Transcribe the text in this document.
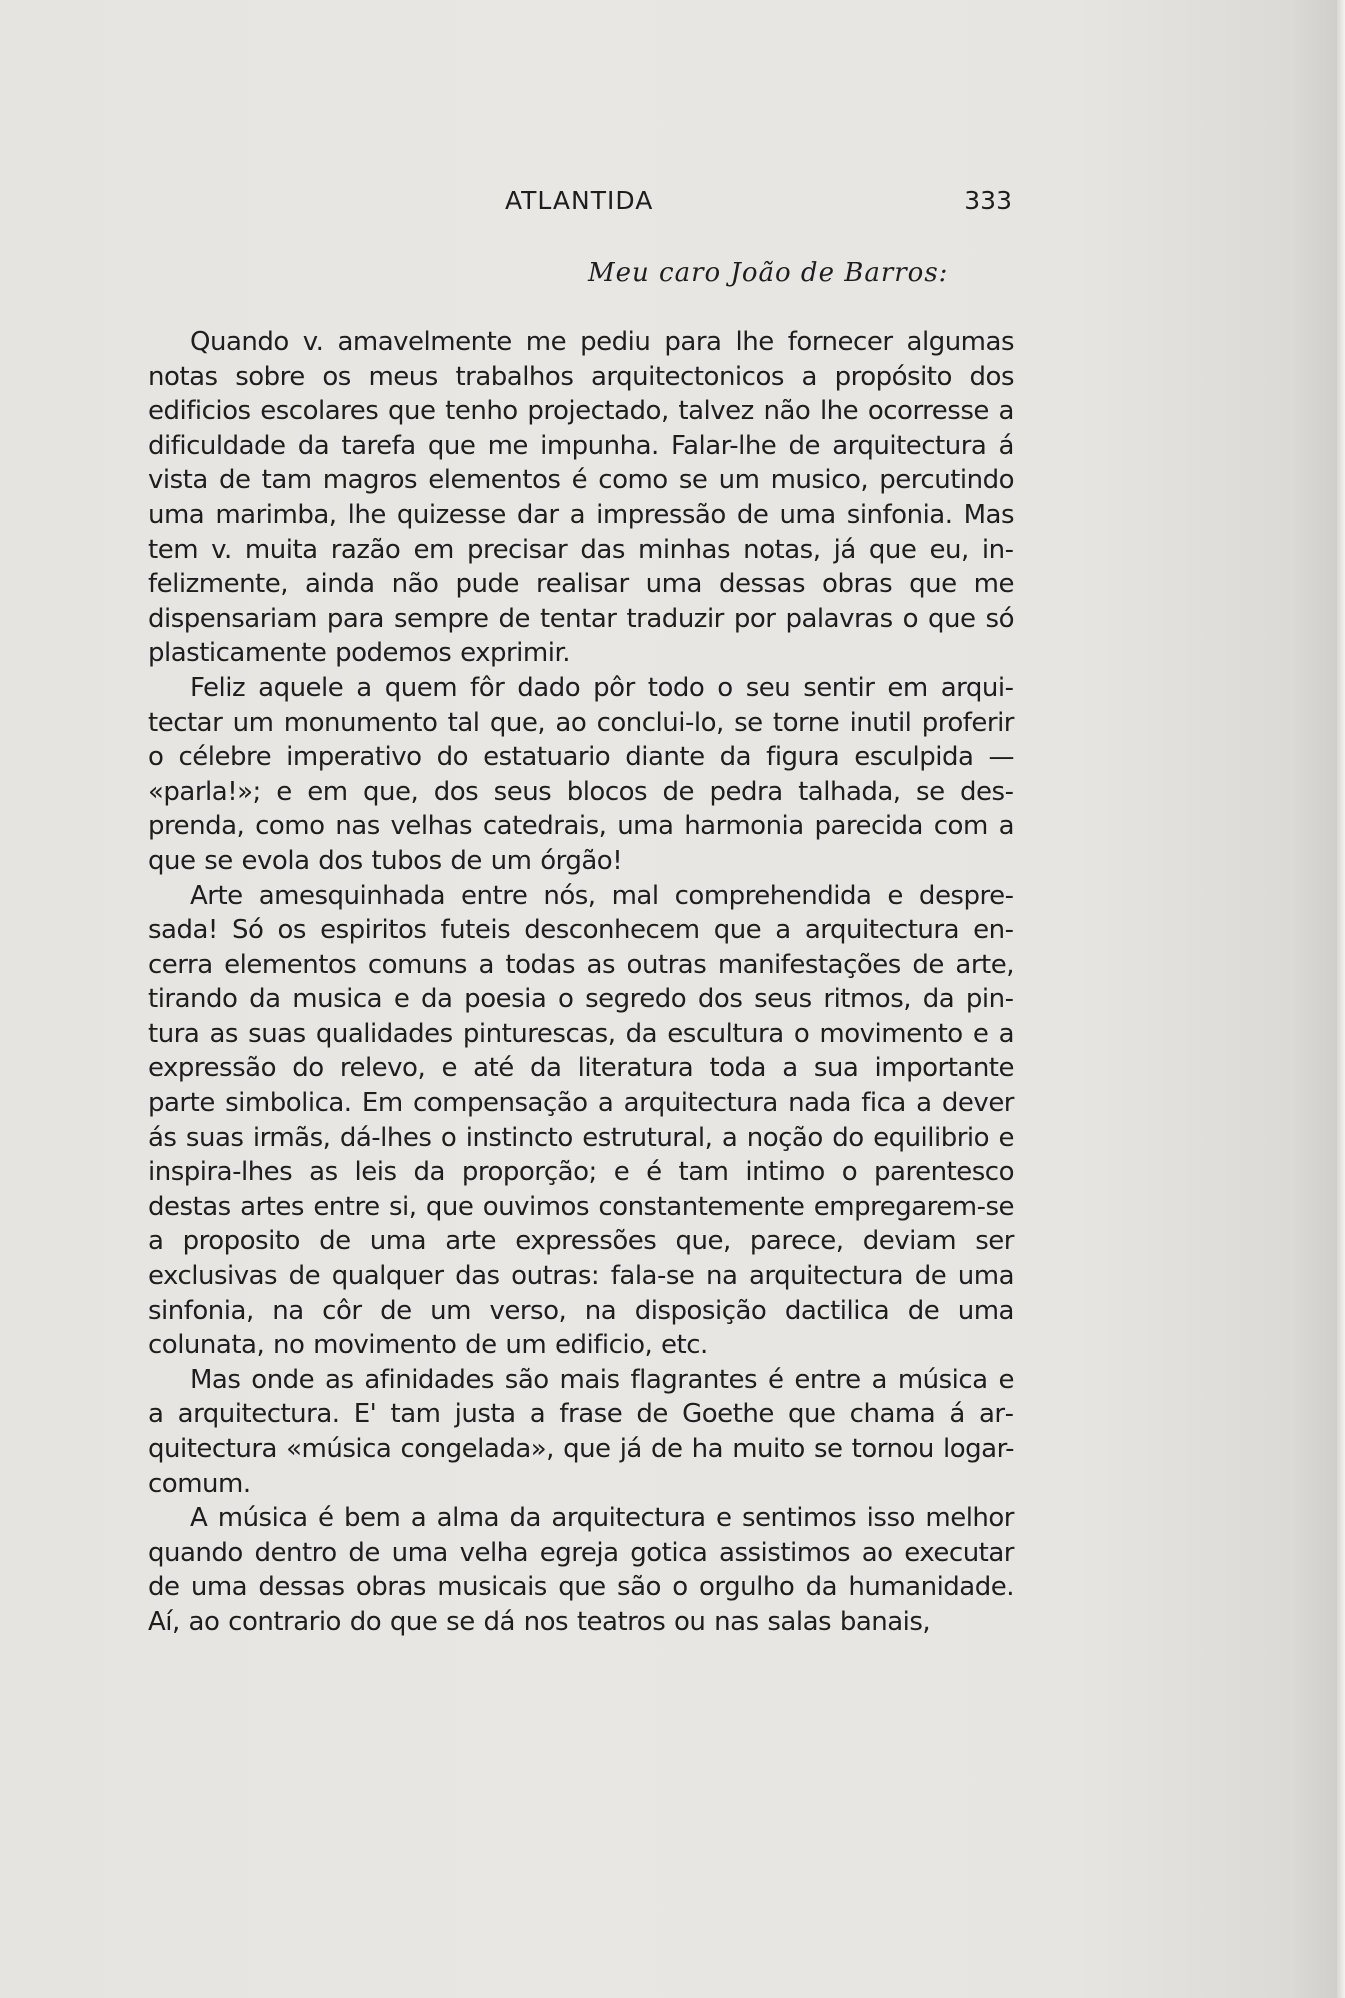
ATLANTIDA	333
Meu caro João de Barros:

Quando v. amavelmente me pediu para lhe fornecer algumas notas sobre os meus trabalhos arquitectonicos a propósito dos edificios escolares que tenho projectado, talvez não lhe ocorresse a dificuldade da tarefa que me impunha. Falar-lhe de arquitectura á vista de tam magros elementos é como se um musico, percutindo uma marimba, lhe quizesse dar a impressão de uma sinfonia. Mas tem v. muita razão em precisar das minhas notas, já que eu, infelizmente, ainda não pude realisar uma dessas obras que me dispensariam para sempre de tentar traduzir por palavras o que só plasticamente podemos exprimir.

Feliz aquele a quem fôr dado pôr todo o seu sentir em arquitectar um monumento tal que, ao conclui-lo, se torne inutil proferir o célebre imperativo do estatuario diante da figura esculpida — «parla!»; e em que, dos seus blocos de pedra talhada, se desprenda, como nas velhas catedrais, uma harmonia parecida com a que se evola dos tubos de um órgão!

Arte amesquinhada entre nós, mal comprehendida e despresada! Só os espiritos futeis desconhecem que a arquitectura encerra elementos comuns a todas as outras manifestações de arte, tirando da musica e da poesia o segredo dos seus ritmos, da pintura as suas qualidades pinturescas, da escultura o movimento e a expressão do relevo, e até da literatura toda a sua importante parte simbolica. Em compensação a arquitectura nada fica a dever ás suas irmãs, dá-lhes o instincto estrutural, a noção do equilibrio e inspira-lhes as leis da proporção; e é tam intimo o parentesco destas artes entre si, que ouvimos constantemente empregarem-se a proposito de uma arte expressões que, parece, deviam ser exclusivas de qualquer das outras: fala-se na arquitectura de uma sinfonia, na côr de um verso, na disposição dactilica de uma colunata, no movimento de um edificio, etc.

Mas onde as afinidades são mais flagrantes é entre a música e a arquitectura. E' tam justa a frase de Goethe que chama á arquitectura «música congelada», que já de ha muito se tornou logar-comum.

A música é bem a alma da arquitectura e sentimos isso melhor quando dentro de uma velha egreja gotica assistimos ao executar de uma dessas obras musicais que são o orgulho da humanidade. Aí, ao contrario do que se dá nos teatros ou nas salas banais,
